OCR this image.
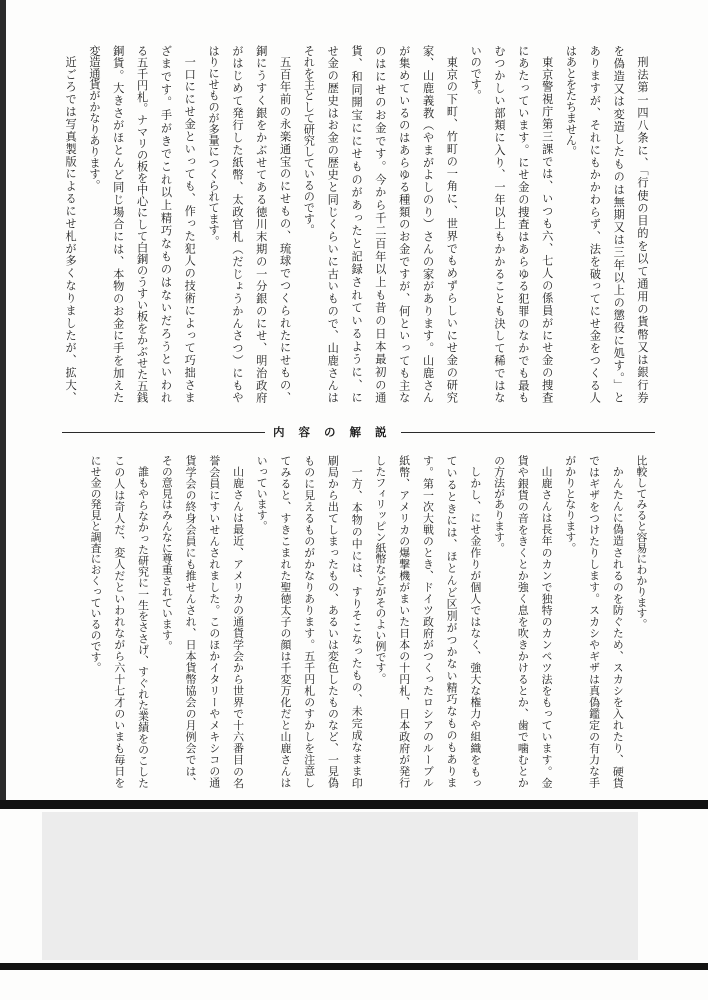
刑法第一四八条に、「行使の目的を以て通用の貨幣又は銀行券
を偽造又は変造したものは無期又は三年以上の懲役に処す。」と
ありますが、それにもかかわらず、法を破ってにせ金をつくる人
はあとをたちません。
東京警視庁第三課では、いつも六、七人の係員がにせ金の捜査
にあたっています。にせ金の捜査はあらゆる犯罪のなかでも最も
むつかしい部類に入り、一年以上もかかることも決して稀ではな
いのです。
東京の下町、竹町の一角に、世界でもめずらしいにせ金の研究
家、山鹿義教（やまがよしのり）さんの家があります。山鹿さん
が集めているのはあらゆる種類のお金ですが、何といっても主な
のはにせのお金です。今から千二百年以上も昔の日本最初の通
貨、和同開宝ににせものがあったと記録されているように、に
せ金の歴史はお金の歴史と同じくらいに古いもので、山鹿さんは
それを主として研究しているのです。
五百年前の永楽通宝のにせもの、琉球でつくられたにせもの、
銅にうすく銀をかぶせてある徳川末期の一分銀のにせ、明治政府
がはじめて発行した紙幣、太政官札（だじょうかんさつ）にもや
はりにせものが多量につくられてます。
一口ににせ金といっても、作った犯人の技術によって巧拙さま
ざまです。手がきでこれ以上精巧なものはないだろうといわれ
る五千円札。ナマリの板を中心にして白銅のうすい板をかぶせた五銭
銅貨。大きさがほとんど同じ場合には、本物のお金に手を加えた
変造通貨がかなりあります。
近ごろでは写真製版によるにせ札が多くなりましたが、拡大、
内容の解説
比較してみると容易にわかります。
かんたんに偽造されるのを防ぐため、スカシを入れたり、硬貨
ではギザをつけたりします。スカシやギザは真偽鑑定の有力な手
がかりとなります。
山鹿さんは長年のカンで独特のカンペツ法をもっています。金
貨や銀貨の音をきくとか強く息を吹きかけるとか、歯で噛むとか
の方法があります。
しかし、にせ金作りが個人ではなく、強大な権力や組織をもっ
ているときには、ほとんど区別がつかない精巧なものもありま
す。第一次大戦のとき、ドイツ政府がつくったロシアのルーブル
紙幣、アメリカの爆撃機がまいた日本の十円札、日本政府が発行
したフィリッピン紙幣などがそのよい例です。
一方、本物の中には、すりそこなったもの、未完成なまま印
刷局から出てしまったもの、あるいは変色したものなど、一見偽
ものに見えるものがかなりあります。五千円札のすかしを注意し
てみると、すきこまれた聖徳太子の顔は千変万化だと山鹿さんは
いっています。
山鹿さんは最近、アメリカの通貨学会から世界で十六番目の名
誉会員にすいせんされました。このほかイタリーやメキシコの通
貨学会の終身会員にも推せんされ、日本貨幣協会の月例会では、
その意見はみんなに尊重されています。
誰もやらなかった研究に一生をささげ、すぐれた業績をのこした
この人は奇人だ、変人だといわれながら六十七才のいまも毎日を
にせ金の発見と調査におくっているのです。
